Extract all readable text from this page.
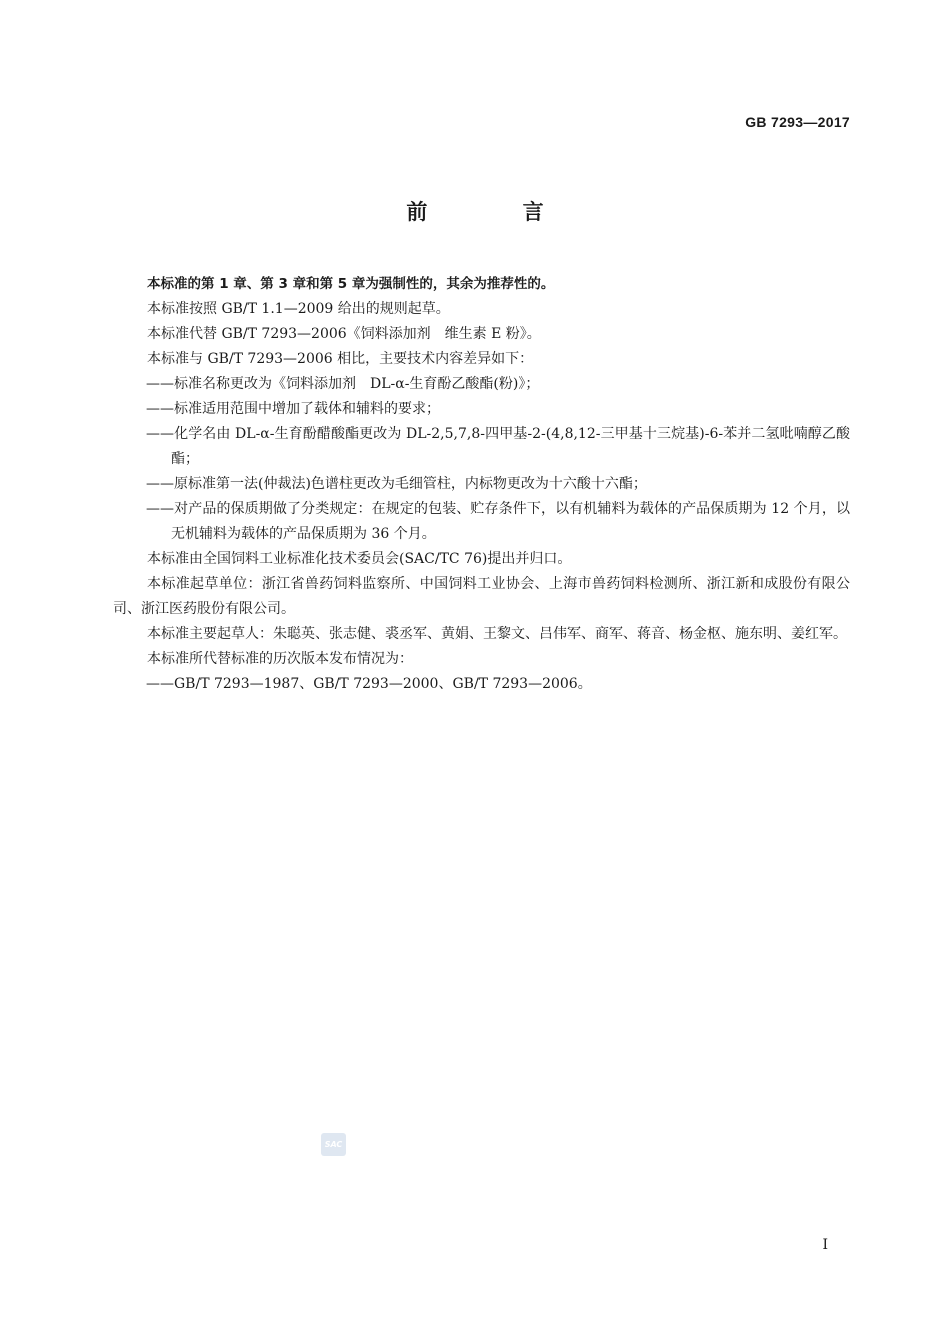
GB 7293—2017
前 言

本标准的第 1 章、第 3 章和第 5 章为强制性的，其余为推荐性的。

本标准按照 GB/T 1.1—2009 给出的规则起草。

本标准代替 GB/T 7293—2006《饲料添加剂　维生素 E 粉》。

本标准与 GB/T 7293—2006 相比，主要技术内容差异如下：

——标准名称更改为《饲料添加剂　DL-α-生育酚乙酸酯(粉)》；

——标准适用范围中增加了载体和辅料的要求；

——化学名由 DL-α-生育酚醋酸酯更改为 DL-2,5,7,8-四甲基-2-(4,8,12-三甲基十三烷基)-6-苯并二氢吡喃醇乙酸酯；

——原标准第一法(仲裁法)色谱柱更改为毛细管柱，内标物更改为十六酸十六酯；

——对产品的保质期做了分类规定：在规定的包装、贮存条件下，以有机辅料为载体的产品保质期为 12 个月，以无机辅料为载体的产品保质期为 36 个月。

本标准由全国饲料工业标准化技术委员会(SAC/TC 76)提出并归口。

本标准起草单位：浙江省兽药饲料监察所、中国饲料工业协会、上海市兽药饲料检测所、浙江新和成股份有限公司、浙江医药股份有限公司。

本标准主要起草人：朱聪英、张志健、裘丞军、黄娟、王黎文、吕伟军、商军、蒋音、杨金枢、施东明、姜红军。

本标准所代替标准的历次版本发布情况为：

——GB/T 7293—1987、GB/T 7293—2000、GB/T 7293—2006。

SAC
I
